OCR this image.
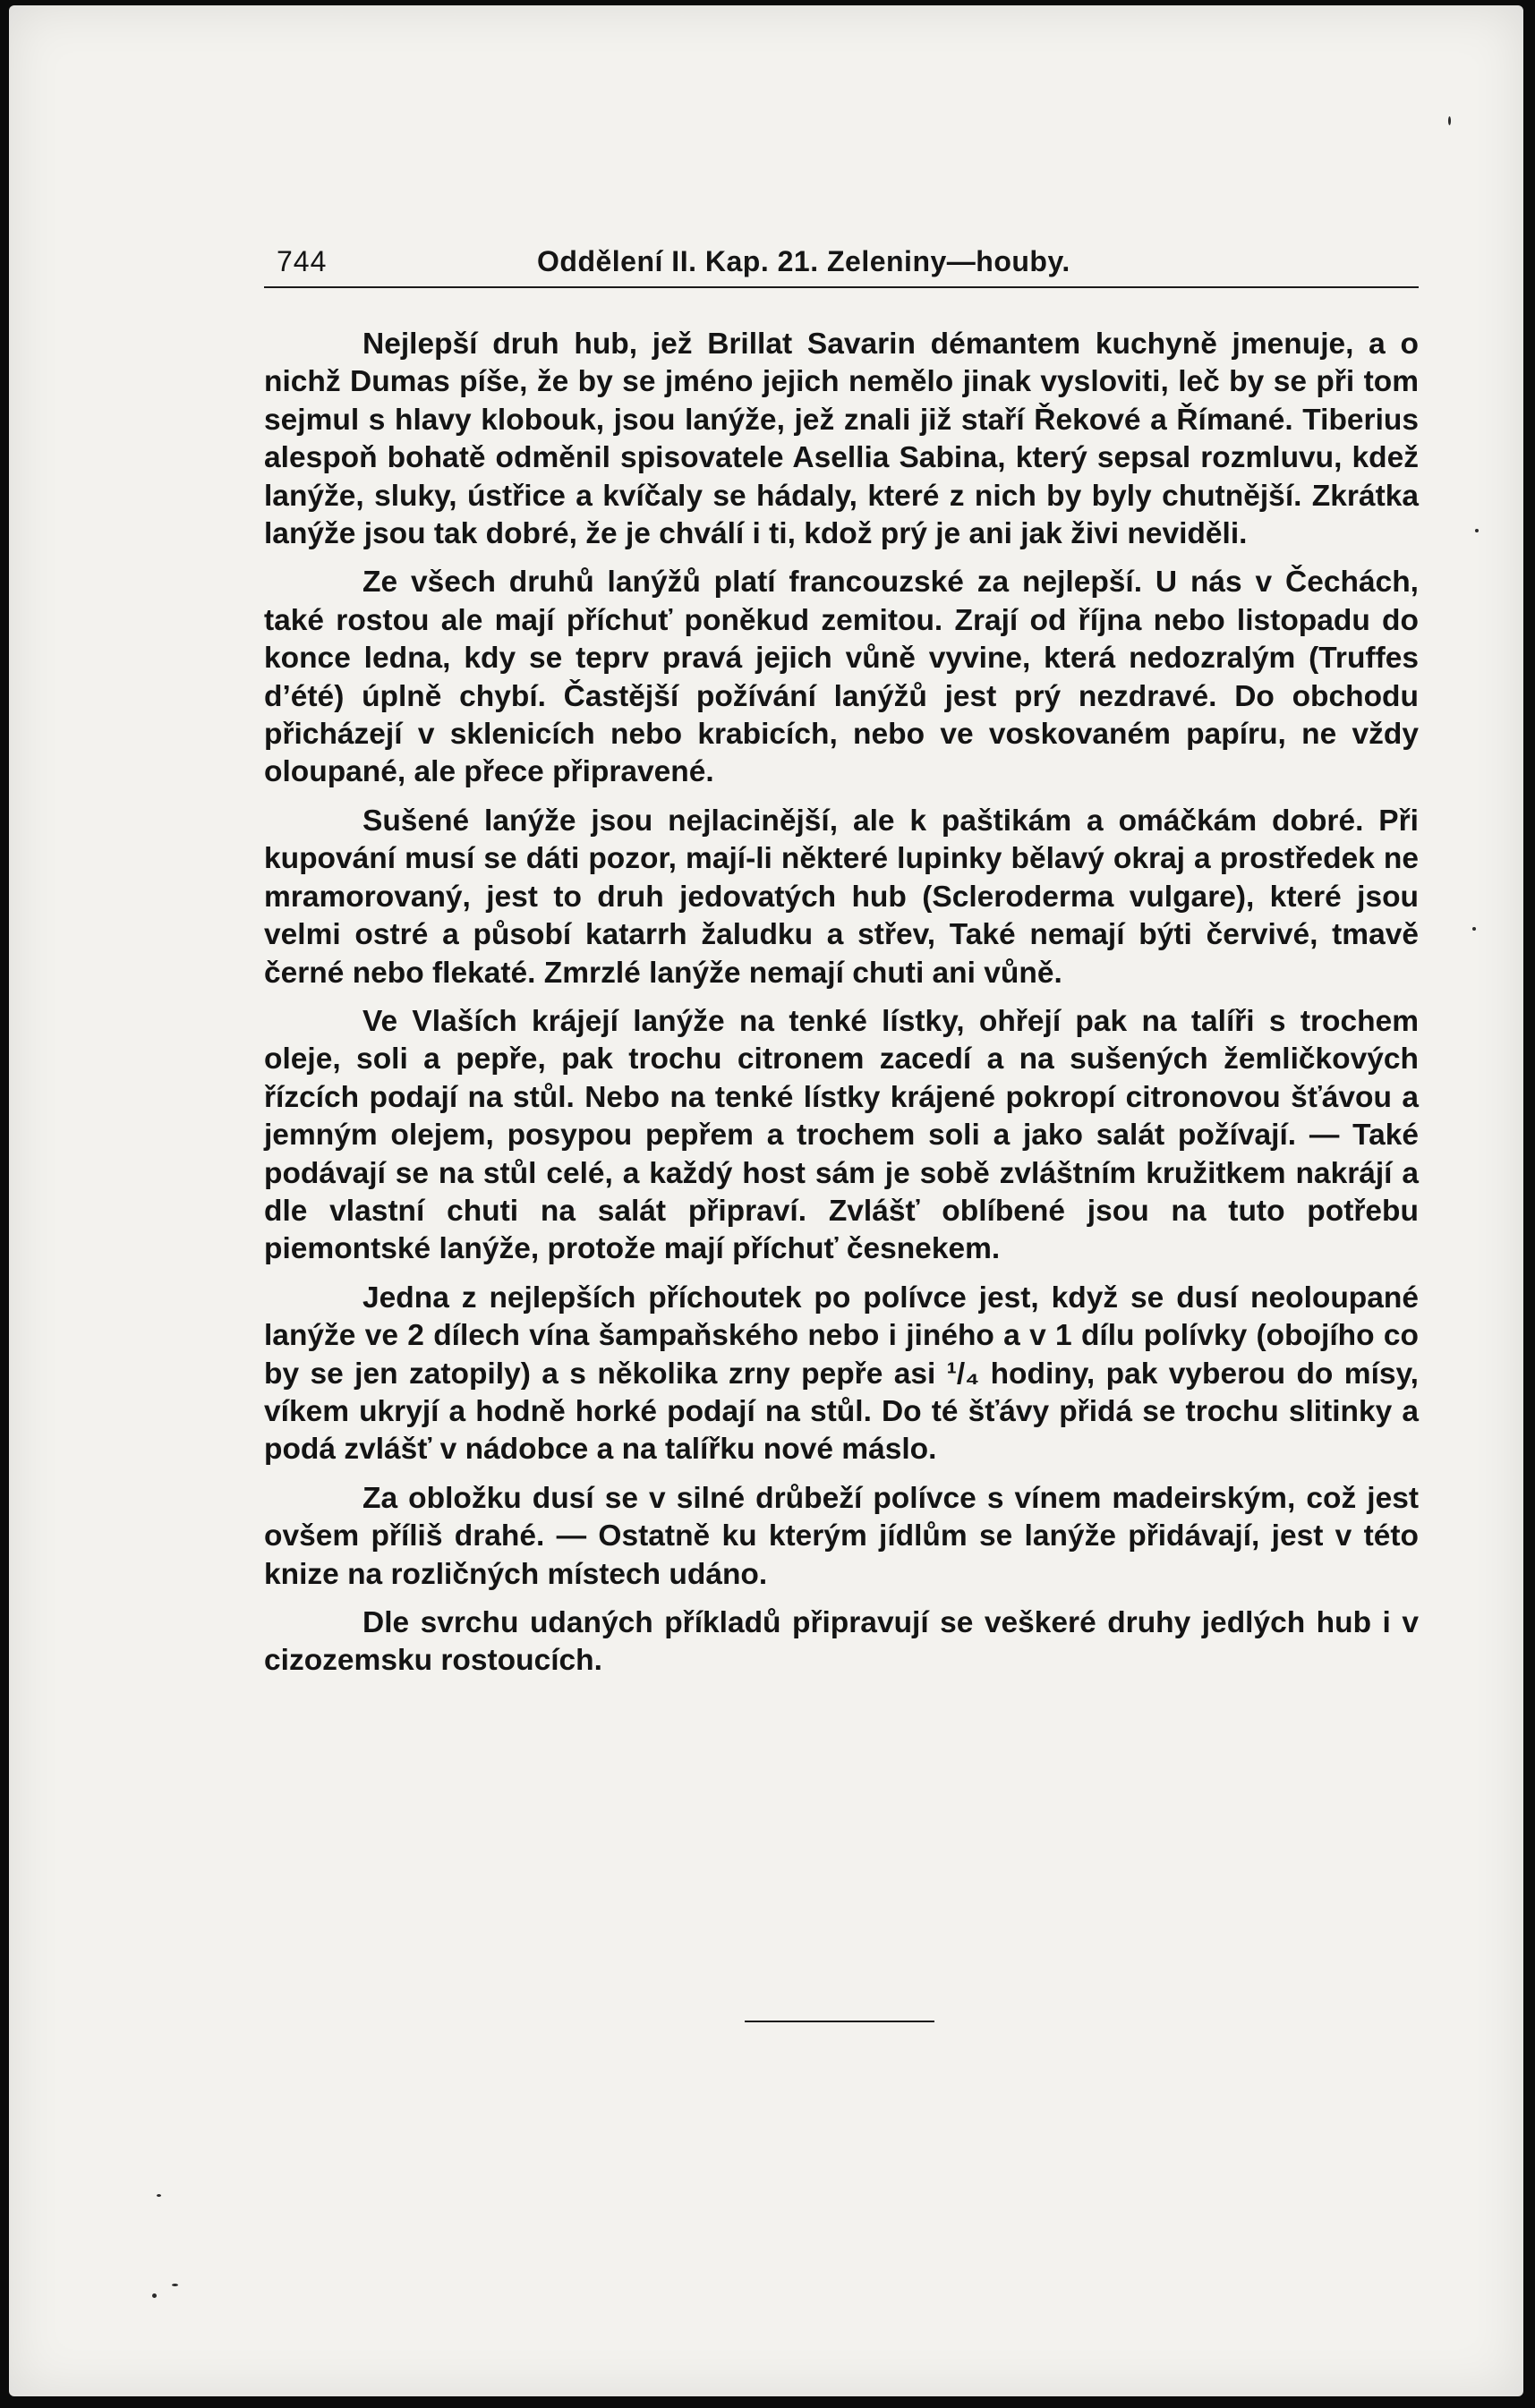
744	Oddělení II. Kap. 21. Zeleniny—houby.

Nejlepší druh hub, jež Brillat Savarin démantem kuchyně jmenuje, a o nichž Dumas píše, že by se jméno jejich nemělo jinak vysloviti, leč by se při tom sejmul s hlavy klobouk, jsou lanýže, jež znali již staří Řekové a Římané. Tiberius alespoň bohatě odměnil spisovatele Asellia Sabina, který sepsal rozmluvu, kdež lanýže, sluky, ústřice a kvíčaly se hádaly, které z nich by byly chutnější. Zkrátka lanýže jsou tak dobré, že je chválí i ti, kdož prý je ani jak živi neviděli.

Ze všech druhů lanýžů platí francouzské za nejlepší. U nás v Čechách, také rostou ale mají příchuť poněkud zemitou. Zrají od října nebo listopadu do konce ledna, kdy se teprv pravá jejich vůně vyvine, která nedozralým (Truffes d’été) úplně chybí. Častější požívání lanýžů jest prý nezdravé. Do obchodu přicházejí v sklenicích nebo krabicích, nebo ve voskovaném papíru, ne vždy oloupané, ale přece připravené.

Sušené lanýže jsou nejlacinější, ale k paštikám a omáčkám dobré. Při kupování musí se dáti pozor, mají-li některé lupinky bělavý okraj a prostředek ne mramorovaný, jest to druh jedovatých hub (Scleroderma vulgare), které jsou velmi ostré a působí katarrh žaludku a střev, Také nemají býti červivé, tmavě černé nebo flekaté. Zmrzlé lanýže nemají chuti ani vůně.

Ve Vlaších krájejí lanýže na tenké lístky, ohřejí pak na talíři s trochem oleje, soli a pepře, pak trochu citronem zacedí a na sušených žemličkových řízcích podají na stůl. Nebo na tenké lístky krájené pokropí citronovou šťávou a jemným olejem, posypou pepřem a trochem soli a jako salát požívají. — Také podávají se na stůl celé, a každý host sám je sobě zvláštním kružitkem nakrájí a dle vlastní chuti na salát připraví. Zvlášť oblíbené jsou na tuto potřebu piemontské lanýže, protože mají příchuť česnekem.

Jedna z nejlepších příchoutek po polívce jest, když se dusí neoloupané lanýže ve 2 dílech vína šampaňského nebo i jiného a v 1 dílu polívky (obojího co by se jen zatopily) a s několika zrny pepře asi ¹/₄ hodiny, pak vyberou do mísy, víkem ukryjí a hodně horké podají na stůl. Do té šťávy přidá se trochu slitinky a podá zvlášť v nádobce a na talířku nové máslo.

Za obložku dusí se v silné drůbeží polívce s vínem madeirským, což jest ovšem příliš drahé. — Ostatně ku kterým jídlům se lanýže přidávají, jest v této knize na rozličných místech udáno.

Dle svrchu udaných příkladů připravují se veškeré druhy jedlých hub i v cizozemsku rostoucích.
